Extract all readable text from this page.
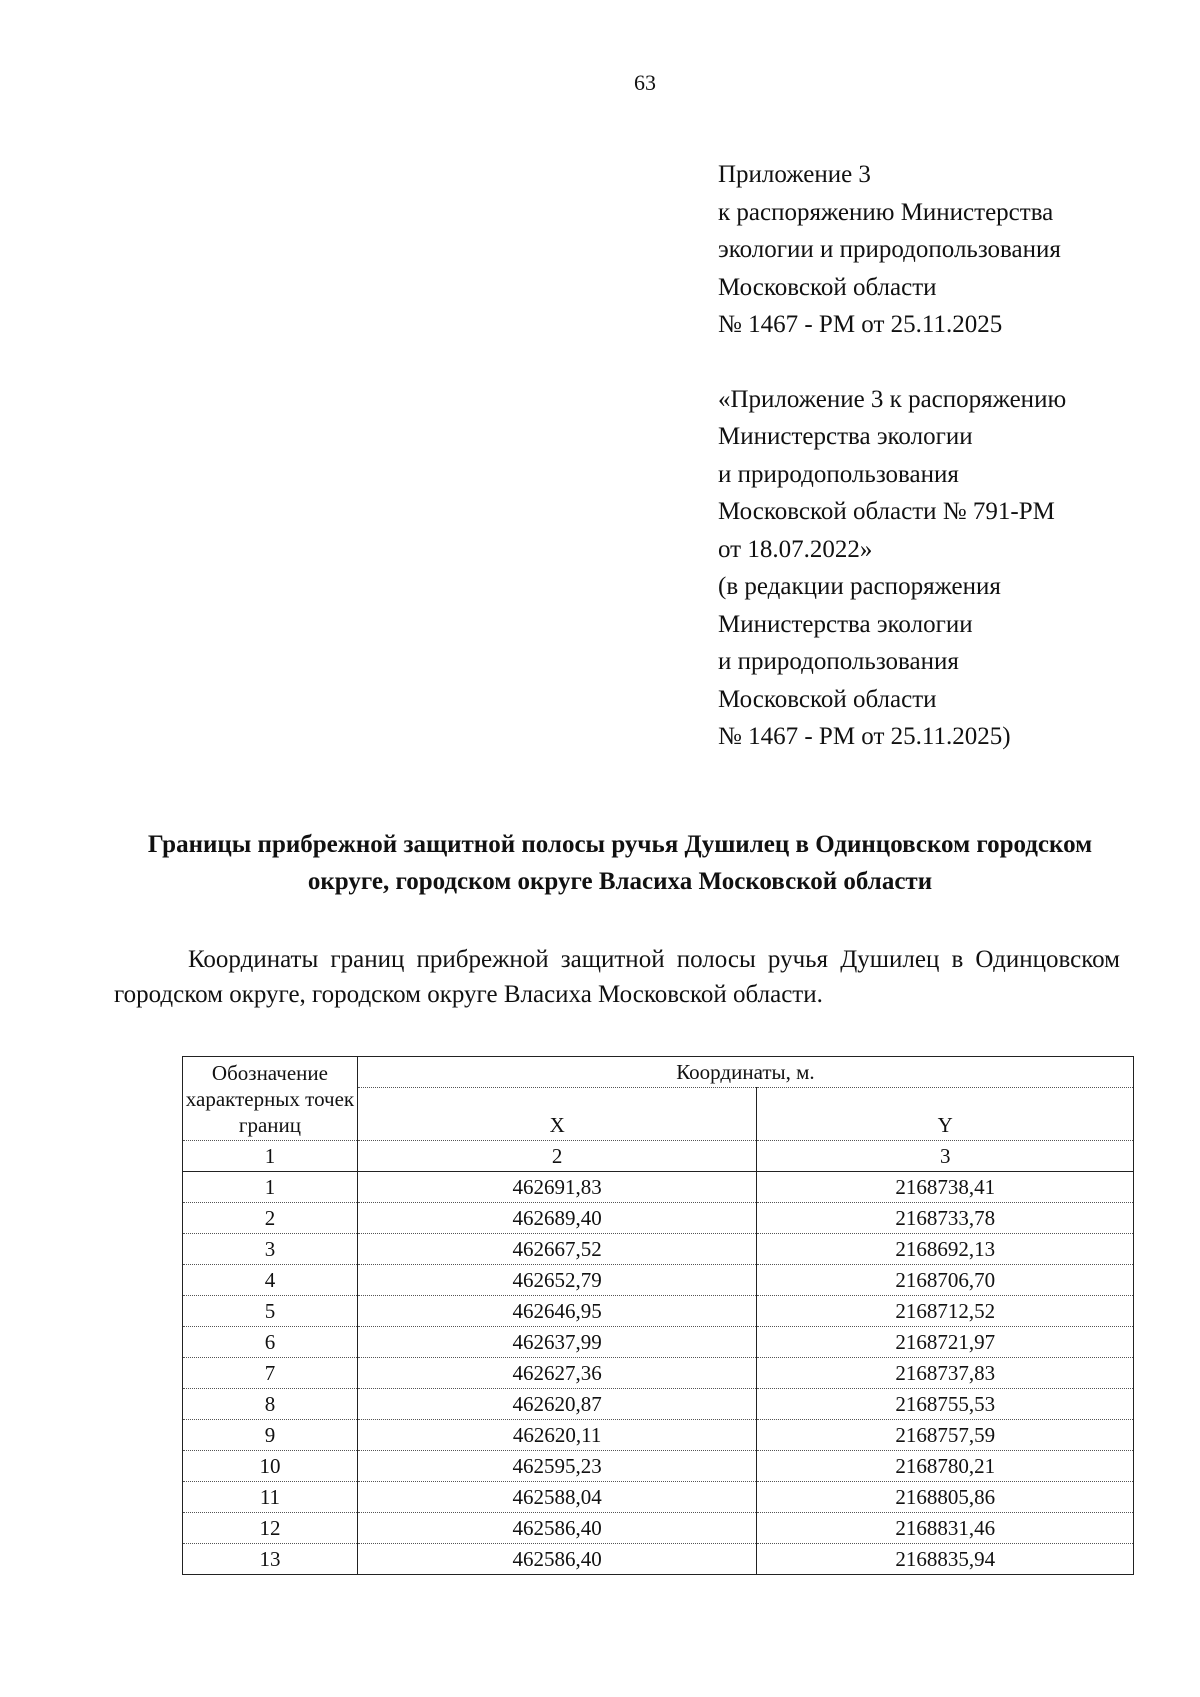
63
Приложение 3
к распоряжению Министерства
экологии и природопользования
Московской области
№ 1467 - РМ от 25.11.2025
«Приложение 3 к распоряжению
Министерства экологии
и природопользования
Московской области № 791-РМ
от 18.07.2022»
(в редакции распоряжения
Министерства экологии
и природопользования
Московской области
№ 1467 - РМ от 25.11.2025)
Границы прибрежной защитной полосы ручья Душилец в Одинцовском городском округе, городском округе Власиха Московской области
Координаты границ прибрежной защитной полосы ручья Душилец в Одинцовском городском округе, городском округе Власиха Московской области.
Обозначение характерных точек границ	Координаты, м.	
	X	Y
1	2	3
1	462691,83	2168738,41
2	462689,40	2168733,78
3	462667,52	2168692,13
4	462652,79	2168706,70
5	462646,95	2168712,52
6	462637,99	2168721,97
7	462627,36	2168737,83
8	462620,87	2168755,53
9	462620,11	2168757,59
10	462595,23	2168780,21
11	462588,04	2168805,86
12	462586,40	2168831,46
13	462586,40	2168835,94
